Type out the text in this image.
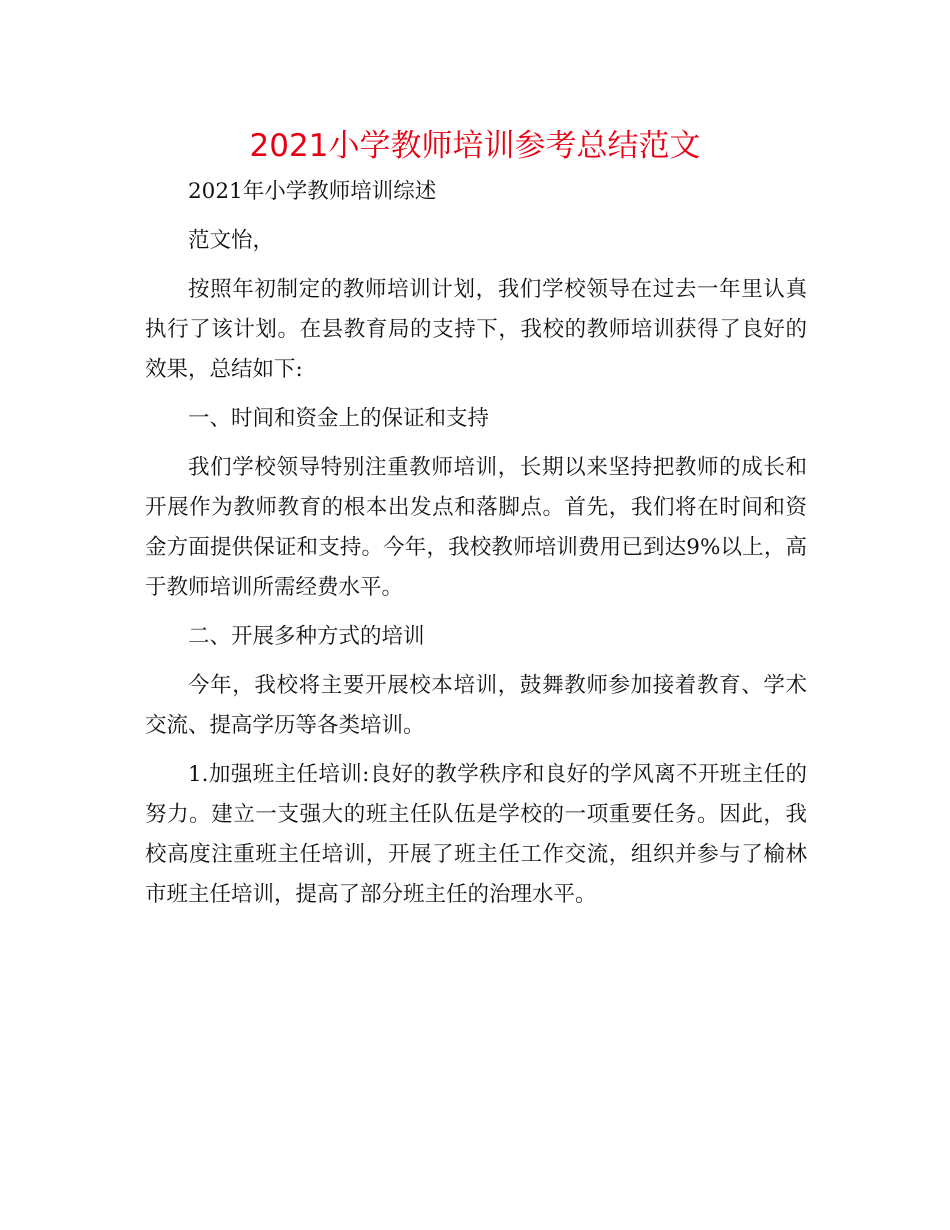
2021小学教师培训参考总结范文

2021年小学教师培训综述

范文怡，

按照年初制定的教师培训计划，我们学校领导在过去一年里认真执行了该计划。在县教育局的支持下，我校的教师培训获得了良好的效果，总结如下:

一、时间和资金上的保证和支持

我们学校领导特别注重教师培训，长期以来坚持把教师的成长和开展作为教师教育的根本出发点和落脚点。首先，我们将在时间和资金方面提供保证和支持。今年，我校教师培训费用已到达9%以上，高于教师培训所需经费水平。

二、开展多种方式的培训

今年，我校将主要开展校本培训，鼓舞教师参加接着教育、学术交流、提高学历等各类培训。

1.加强班主任培训:良好的教学秩序和良好的学风离不开班主任的努力。建立一支强大的班主任队伍是学校的一项重要任务。因此，我校高度注重班主任培训，开展了班主任工作交流，组织并参与了榆林市班主任培训，提高了部分班主任的治理水平。
